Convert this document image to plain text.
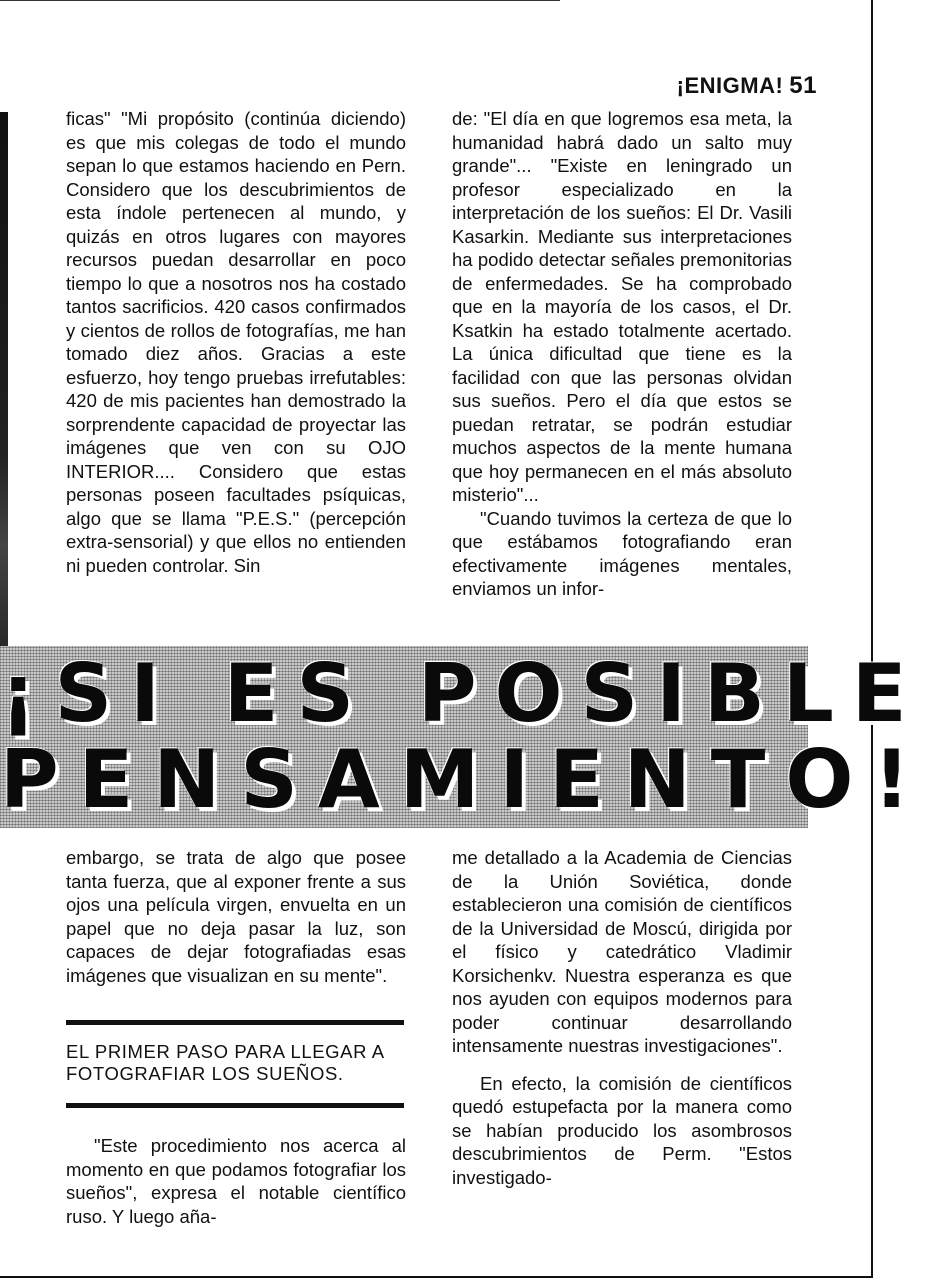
¡ENIGMA! 51

ficas" "Mi propósito (continúa diciendo) es que mis colegas de todo el mundo sepan lo que estamos haciendo en Pern. Considero que los descubrimientos de esta índole pertenecen al mundo, y quizás en otros lugares con mayores recursos puedan desarrollar en poco tiempo lo que a nosotros nos ha costado tantos sacrificios. 420 casos confirmados y cientos de rollos de fotografías, me han tomado diez años. Gracias a este esfuerzo, hoy tengo pruebas irrefutables: 420 de mis pacientes han demostrado la sorprendente capacidad de proyectar las imágenes que ven con su OJO INTERIOR.... Considero que estas personas poseen facultades psíquicas, algo que se llama "P.E.S." (percepción extra-sensorial) y que ellos no entienden ni pueden controlar. Sin

de: "El día en que logremos esa meta, la humanidad habrá dado un salto muy grande"... "Existe en leningrado un profesor especializado en la interpretación de los sueños: El Dr. Vasili Kasarkin. Mediante sus interpretaciones ha podido detectar señales premonitorias de enfermedades. Se ha comprobado que en la mayoría de los casos, el Dr. Ksatkin ha estado totalmente acertado. La única dificultad que tiene es la facilidad con que las personas olvidan sus sueños. Pero el día que estos se puedan retratar, se podrán estudiar muchos aspectos de la mente humana que hoy permanecen en el más absoluto misterio"...

"Cuando tuvimos la certeza de que lo que estábamos fotografiando eran efectivamente imágenes mentales, enviamos un infor-

¡SI ES POSIBLE
PENSAMIENTO!

embargo, se trata de algo que posee tanta fuerza, que al exponer frente a sus ojos una película virgen, envuelta en un papel que no deja pasar la luz, son capaces de dejar fotografiadas esas imágenes que visualizan en su mente".

EL PRIMER PASO PARA LLEGAR A FOTOGRAFIAR LOS SUEÑOS.

"Este procedimiento nos acerca al momento en que podamos fotografiar los sueños", expresa el notable científico ruso. Y luego aña-

me detallado a la Academia de Ciencias de la Unión Soviética, donde establecieron una comisión de científicos de la Universidad de Moscú, dirigida por el físico y catedrático Vladimir Korsichenkv. Nuestra esperanza es que nos ayuden con equipos modernos para poder continuar desarrollando intensamente nuestras investigaciones".

En efecto, la comisión de científicos quedó estupefacta por la manera como se habían producido los asombrosos descubrimientos de Perm. "Estos investigado-
